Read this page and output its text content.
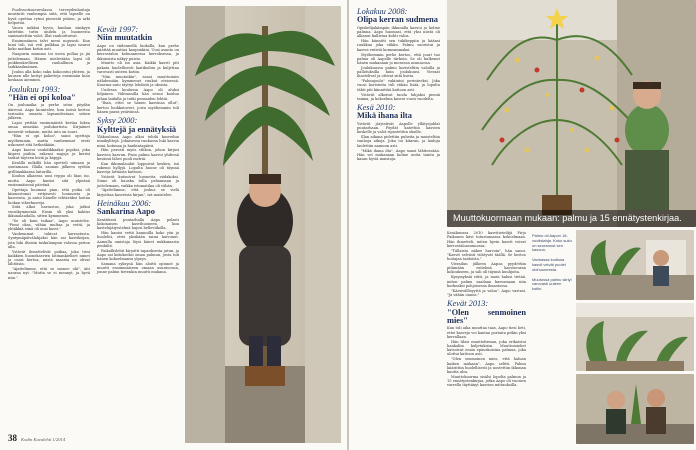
Puolivuotisneuvolassa terveydenhoitaja muistutti vanhempia siitä, että lapselle on hyvä opettaa rytmi pienestä pitäen, ja arki helpottui.

Vauva nukkui hyvin, kunhan sänkyyn laitettiin tuttu unilelu ja huoneesta sammutettiin valot. Illat rauhoittuivat.

Ensimmäinen talvi meni nopeasti. Kun lumi tuli, isä veti pulkkaa ja lapsi nauroi koko matkan kotiin asti.

Naapurin mummo toi usein pullaa ja jäi juttelemaan. Hänen mielestään lapsi oli poikkeuksellisen rauhallinen ja tarkkasilmäinen.

Joulun alla koko suku kokoontui yhteen, ja kuusen alle kertyi paketteja enemmän kuin koskaan aiemmin.

Joulukuu 1993:
"Hän ei opi koloa"

On joulunaika ja perhe istuu pöydän ääressä. Aapo kuuntelee, kun isoisä kertoo tarinoita omasta lapsuudestaan sotien jälkeen.

Lapsi yrittää ensimmäistä kertaa lukea omaa nimeään joulukortista. Kirjaimet menevät sekaisin, mutta into on suuri.

"Hän ei opi koloa", sanoi opettaja myöhemmin, mutta vanhemmat eivät uskoneet sitä hetkeäkään.

Aapo kasvoi vauhdikkaaksi pojaksi, joka kiipesi puihin, rakensi majoja ja keräsi taskut täyteen kiviä ja käpyjä.

Kesällä mökillä hän opetteli uimaan ja soutamaan. Illalla saunan jälkeen syötiin grillimakkaraa laiturilla.

Koulun alkaessa uusi reppu oli liian iso, mutta Aapo kantoi sitä ylpeänä ensimmäisenä päivänä.

Opettaja huomasi pian, että poika oli kiinnostunut erityisesti luonnosta ja kasveista, ja antoi hänelle tehtäväksi hoitaa luokan viherkasveja.

Siitä alkoi harrastus, joka jatkui vuosikymmeniä. Ensin oli yksi kaktus ikkunalaudalla, sitten kymmenen.

"Se oli kuin taikaa", Aapo muistelee. "Pieni oksa, vähän multaa ja vettä, ja yhtäkkiä siinä oli uusi kasvi."

Vanhemmat tukivat harrastusta. Syntymäpäivälahjaksi hän sai kasvikirjan, jota luki iltaisin taskulampun valossa peiton alla.

Ystävät ihmettelivät poikaa, joka tiesi kaikkien huonekasvien latinankieliset nimet ja osasi kertoa, mistä maasta ne olivat lähtöisin.

"Ajattelimme, että se menee ohi", äiti nauraa nyt. "Mutta se ei mennyt, ja hyvä niin."

Kevät 1997:
Niin muutatkin

Aapo on viidennellä luokalla, kun perhe päättää muuttaa kaupunkiin. Uusi asunto on kerrostalon kolmannessa kerroksessa, ja ikkunoista näkyy puisto.

Muutto oli iso asia. Kaikki kasvit piti pakata huolellisesti laatikoihin ja kuljettaa varovasti uuteen kotiin.

"Niin muutatkin", sanoi muuttomies nähdessään kymmenet ruukut eteisessä. Kuorma-auto täyttyi lehdistä ja oksista.

Uudessa koulussa Aapo oli aluksi hiljainen. Välitunnilla hän seisoi koulun pihan laidalla ja tutki pensaiden lehtiä.

"Ihan, ettei se hänen kasvinsa ollut", kertoo luokkatoveri, josta myöhemmin tuli hänen paras ystävänsä.

Syksy 2000:
Kylttejä ja ennätyksiä

Yläkoulussa Aapo alkoi tehdä kasveihin nimikylttejä. Jokaisessa ruukussa luki kasvin nimi, kotimaa ja hankintapäivä.

Hän perusti myös vihkon, johon kirjasi kasvien kasvun. Pisin palmu kasvoi yhdessä kesässä lähes puoli metriä.

Kun ikkunalaudat loppuivat kesken, isä rakensi hyllyjä. Lopulta huone oli täynnä kasveja lattiasta kattoon.

Ystävät kutsuivat huonetta viidakoksi. Sinne oli hauska tulla pelaamaan ja juttelemaan, vaikka istumatilaa oli vähän.

"Ajattelimme, että joskus se vielä kirjoittaa kasveista kirjan", isä muistelee.

Heinäkuu 2006:
Sankarina Aapo

Kesätöissä puutarhalla Aapo pelasti kokonaisen kasvihuoneen, kun kastelujärjestelmä hajosi helleviikolla.

Hän kantoi vettä kannuilla koko yön ja huolehti, ettei yksikään taimi kuivunut. Aamulla omistaja löysi hänet nukkumasta penkiltä.

Paikallislehti kirjoitti tapauksesta jutun, ja Aapo sai kiitokseksi oman palmun, josta tuli hänen kokoelmansa ylpeys.

Samana syksynä hän aloitti opinnot ja muutti ensimmäiseen omaan asuntoonsa, jonne palmu tietenkin muutti mukana.

38 Kodin Kuvalehti 1/2014
Lokakuu 2008:
Olipa kerran sudmena

Opiskelijakämpän ikkunalla kasvoi jo kolme palmua. Aapo huomasi, että yksi niistä oli alkanut kallistua kohti valoa.

Hän kiinnitti sen tukikeppiin ja käänsi ruukkua joka viikko. Palmu suoristui ja kasvoi entistä komeammaksi.

Myöhemmin perhe kertoo, että juuri tuo palmu oli Aapolle tärkein. Se oli kulkenut hänen mukanaan jo monessa asunnossa.

Joulukuussa palmu koristeltiin valoilla ja pallotuksilla kuin joulukuusi. Vieraat ihastelivat ja ottivat siitä kuvia.

"Palmujoulu" vakiintui perinteeksi. Joka vuosi koristeita tuli vähän lisää, ja lopulta tähti piti kiinnittää kattoon asti.

Ystävät alkoivat tuoda lahjaksi pieniä taimia, ja kokoelma kasvoi vuosi vuodelta.

Kesä 2010:
Mikä ihana ilta

Ystävät järjestivät Aapolle yllätysjuhlat puutarhaan. Pöydät katettiin kasvien keskelle ja valot ripustettiin oksille.

Illan aikana pidettiin puheita ja muisteltiin vanhoja aikoja. Joku toi kitaran, ja lauluja laulettiin aamuun asti.

"Mikä ihana ilta", Aapo sanoi lähtiessään. Hän vei mukanaan kolme uutta tainta ja kasan hyviä muistoja.

Muuttokuormaan mukaan: palmu ja 15 ennätystenkirjaa.

Kesäkuussa 2010 kasvitieteilijä Pirjo Paikonen kävi tutustumassa kokoelmaan. Hän ihmetteli, miten hyvin kasvit voivat kerrostaloasunnossa.

"Tällaista näkee harvoin", hän sanoi. "Kasvit selvästi viihtyvät täällä. Se kertoo hoitajan taidoista."

Vierailun jälkeen Aapoa pyydettiin pitämään esitelmä kasviseuran kokoukseen, ja sali oli täynnä kuulijoita.

Kysymyksiä riitti, ja moni halusi tietää, miten palmu saadaan kasvamaan niin korkeaksi pohjoisessa ilmastossa.

"Kärsivällisyyttä ja valoa", Aapo vastasi. "Ja vähän onnea."

Kevät 2013:
"Olen senmoinen mies"

Kun tuli aika muuttaa taas, Aapo tiesi heti, ettei kasveja voi kantaa portaita pitkin yksi kerrallaan.

Hän tilasi muuttofirman, joka erikoistui hankaliin kuljetuksiin. Muuttomiehet katsoivat ensin epäuskoisina palmua, joka ulottui kattoon asti.

"Olen senmoinen mies, että haluan kaiken mukaan", Aapo selitti. Palmu käärittiin huolellisesti ja nostettiin ikkunan kautta ulos.

Muuttokuorma sisälsi lopulta palmun ja 15 ennätystenkirjaa, jotka Aapo oli vuosien varrella täyttänyt kasvien mittauksilla.

Palmu oli Aapon 18-vuotislahja. Koko suku on seurannut sen kasvua.

Vanhassa kodissa kasvit veivät puolet olohuoneesta.

Muutossa palmu siirtyi varovasti uuteen kotiin.
